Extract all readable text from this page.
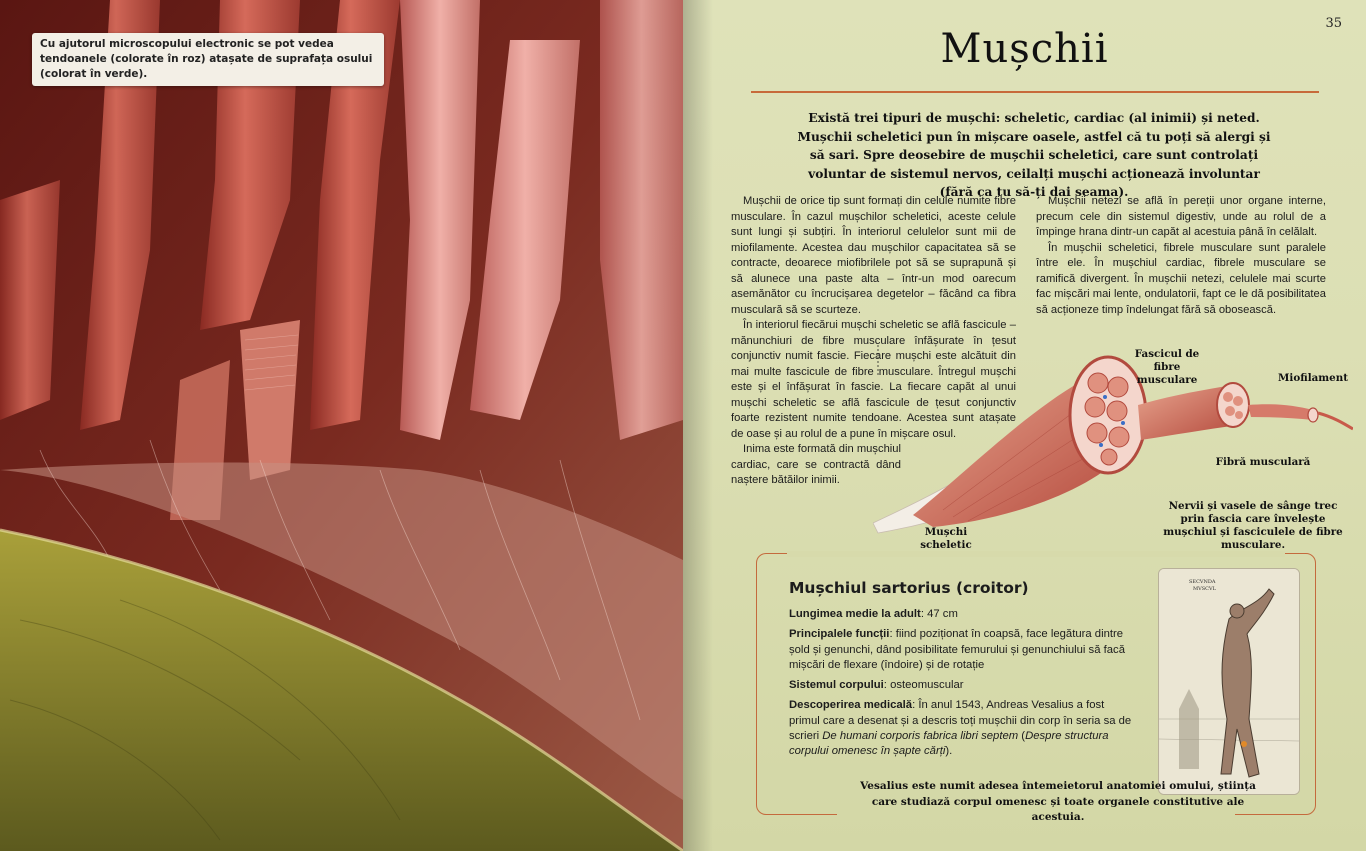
Cu ajutorul microscopului electronic se pot vedea tendoanele (colorate în roz) atașate de suprafața osului (colorat în verde).
35
Mușchii
Există trei tipuri de mușchi: scheletic, cardiac (al inimii) și neted. Mușchii scheletici pun în mișcare oasele, astfel că tu poți să alergi și să sari. Spre deosebire de mușchii scheletici, care sunt controlați voluntar de sistemul nervos, ceilalți mușchi acționează involuntar (fără ca tu să-ți dai seama).

Mușchii de orice tip sunt formați din celule numite fibre musculare. În cazul mușchilor scheletici, aceste celule sunt lungi și subțiri. În interiorul celulelor sunt mii de miofilamente. Acestea dau mușchilor capacitatea să se contracte, deoarece miofibrilele pot să se suprapună și să alunece una paste alta – într-un mod oarecum asemănător cu încrucișarea degetelor – făcând ca fibra musculară să se scurteze.

În interiorul fiecărui mușchi scheletic se află fascicule – mănunchiuri de fibre musculare înfășurate în țesut conjunctiv numit fascie. Fiecare mușchi este alcătuit din mai multe fascicule de fibre musculare. Întregul mușchi este și el înfășurat în fascie. La fiecare capăt al unui mușchi scheletic se află fascicule de țesut conjunctiv foarte rezistent numite tendoane. Acestea sunt atașate de oase și au rolul de a pune în mișcare osul.

Inima este formată din mușchiul cardiac, care se contractă dând naștere bătăilor inimii.

Mușchii netezi se află în pereții unor organe interne, precum cele din sistemul digestiv, unde au rolul de a împinge hrana dintr-un capăt al acestuia până în celălalt.

În mușchii scheletici, fibrele musculare sunt paralele între ele. În mușchiul cardiac, fibrele musculare se ramifică divergent. În mușchii netezi, celulele mai scurte fac mișcări mai lente, ondulatorii, fapt ce le dă posibilitatea să acționeze timp îndelungat fără să obosească.

Fascicul de fibre musculare	Miofilament
Fibră musculară
Mușchi scheletic
Nervii și vasele de sânge trec prin fascia care învelește mușchiul și fasciculele de fibre musculare.
Mușchiul sartorius (croitor)

Lungimea medie la adult: 47 cm

Principalele funcții: fiind poziționat în coapsă, face legătura dintre șold și genunchi, dând posibilitate femurului și genunchiului să facă mișcări de flexare (îndoire) și de rotație

Sistemul corpului: osteomuscular

Descoperirea medicală: În anul 1543, Andreas Vesalius a fost primul care a desenat și a descris toți mușchii din corp în seria sa de scrieri De humani corporis fabrica libri septem (Despre structura corpului omenesc în șapte cărți).

SECVNDA
MVSCVL
Vesalius este numit adesea întemeietorul anatomiei omului, știința care studiază corpul omenesc și toate organele constitutive ale acestuia.
